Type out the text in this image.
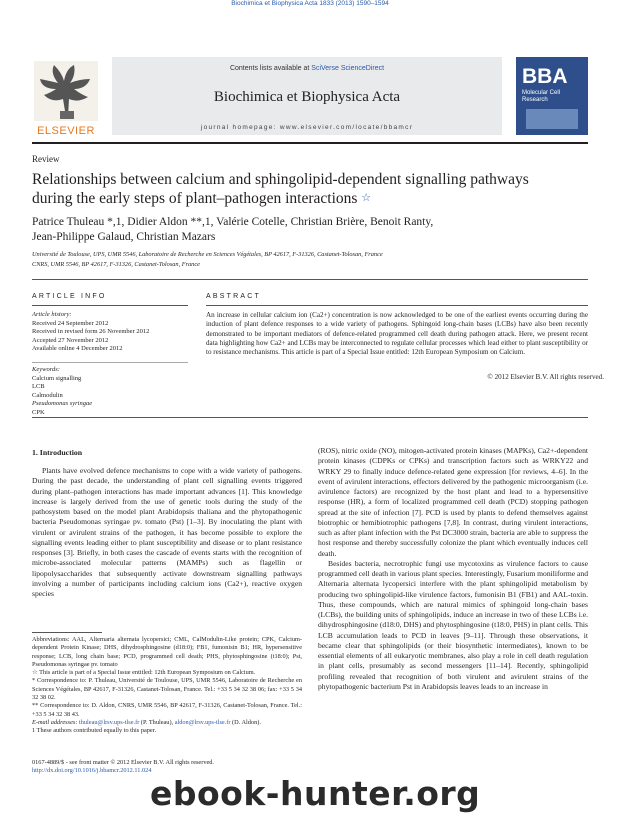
Biochimica et Biophysica Acta 1833 (2013) 1590–1594
ELSEVIER
Contents lists available at SciVerse ScienceDirect
Biochimica et Biophysica Acta
BBA
Molecular Cell Research
journal homepage: www.elsevier.com/locate/bbamcr
Review
Relationships between calcium and sphingolipid-dependent signalling pathways during the early steps of plant–pathogen interactions ☆
Patrice Thuleau *,1, Didier Aldon **,1, Valérie Cotelle, Christian Brière, Benoit Ranty,
Jean-Philippe Galaud, Christian Mazars
Université de Toulouse, UPS, UMR 5546, Laboratoire de Recherche en Sciences Végétales, BP 42617, F-31326, Castanet-Tolosan, France
CNRS, UMR 5546, BP 42617, F-31326, Castanet-Tolosan, France
ARTICLE INFO
Article history:
Received 24 September 2012
Received in revised form 26 November 2012
Accepted 27 November 2012
Available online 4 December 2012
Keywords:
Calcium signalling
LCB
Calmodulin
Pseudomonas syringae
CPK
ABSTRACT
An increase in cellular calcium ion (Ca2+) concentration is now acknowledged to be one of the earliest events occurring during the induction of plant defence responses to a wide variety of pathogens. Sphingoid long-chain bases (LCBs) have also been recently demonstrated to be important mediators of defence-related programmed cell death during pathogen attack. Here, we present recent data highlighting how Ca2+ and LCBs may be interconnected to regulate cellular processes which lead either to plant susceptibility or to resistance mechanisms. This article is part of a Special Issue entitled: 12th European Symposium on Calcium.
© 2012 Elsevier B.V. All rights reserved.
1. Introduction

Plants have evolved defence mechanisms to cope with a wide variety of pathogens. During the past decade, the understanding of plant cell signalling events triggered during plant–pathogen interactions has made important advances [1]. This knowledge increase is largely derived from the use of genetic tools during the study of the pathosystem based on the model plant Arabidopsis thaliana and the phytopathogenic bacteria Pseudomonas syringae pv. tomato (Pst) [1–3]. By inoculating the plant with virulent or avirulent strains of the pathogen, it has become possible to explore the signalling events leading either to plant susceptibility and disease or to plant resistance responses [3]. Briefly, in both cases the cascade of events starts with the recognition of microbe-associated molecular patterns (MAMPs) such as flagellin or lipopolysaccharides that subsequently activate downstream signalling pathways involving a number of participants including calcium ions (Ca2+), reactive oxygen species

Abbreviations: AAL, Alternaria alternata lycopersici; CML, CalModulin-Like protein; CPK, Calcium-dependent Protein Kinase; DHS, dihydrosphingosine (d18:0); FB1, fumonisin B1; HR, hypersensitive response; LCB, long chain base; PCD, programmed cell death; PHS, phytosphingosine (t18:0); Pst, Pseudomonas syringae pv. tomato

☆ This article is part of a Special Issue entitled: 12th European Symposium on Calcium.

* Correspondence to: P. Thuleau, Université de Toulouse, UPS, UMR 5546, Laboratoire de Recherche en Sciences Végétales, BP 42617, F-31326, Castanet-Tolosan, France. Tel.: +33 5 34 32 38 06; fax: +33 5 34 32 38 02.

** Correspondence to: D. Aldon, CNRS, UMR 5546, BP 42617, F-31326, Castanet-Tolosan, France. Tel.: +33 5 34 32 38 43.

E-mail addresses: thuleau@lrsv.ups-tlse.fr (P. Thuleau), aldon@lrsv.ups-tlse.fr (D. Aldon).

1 These authors contributed equally to this paper.

0167-4889/$ - see front matter © 2012 Elsevier B.V. All rights reserved.
http://dx.doi.org/10.1016/j.bbamcr.2012.11.024

(ROS), nitric oxide (NO), mitogen-activated protein kinases (MAPKs), Ca2+-dependent protein kinases (CDPKs or CPKs) and transcription factors such as WRKY22 and WRKY 29 to finally induce defence-related gene expression [for reviews, 4–6]. In the event of avirulent interactions, effectors delivered by the pathogenic microorganism (i.e. avirulence factors) are recognized by the host plant and lead to a hypersensitive response (HR), a form of localized programmed cell death (PCD) stopping pathogen spread at the site of infection [7]. PCD is used by plants to defend themselves against biotrophic or hemibiotrophic pathogens [7,8]. In contrast, during virulent interactions, such as after plant infection with the Pst DC3000 strain, bacteria are able to suppress the host response and thereby successfully colonize the plant which eventually induces cell death.

Besides bacteria, necrotrophic fungi use mycotoxins as virulence factors to cause programmed cell death in various plant species. Interestingly, Fusarium moniliforme and Alternaria alternata lycopersici interfere with the plant sphingolipid metabolism by producing two sphingolipid-like virulence factors, fumonisin B1 (FB1) and AAL-toxin. Thus, these compounds, which are natural mimics of sphingoid long-chain bases (LCBs), the building units of sphingolipids, induce an increase in two of these LCBs i.e. dihydrosphingosine (d18:0, DHS) and phytosphingosine (t18:0, PHS) in plant cells. This LCB accumulation leads to PCD in leaves [9–11]. Through these observations, it became clear that sphingolipids (or their biosynthetic intermediates), known to be essential elements of all eukaryotic membranes, also play a role in cell death regulation in plant cells, presumably as second messengers [11–14]. Recently, sphingolipid profiling revealed that recognition of both virulent and avirulent strains of the phytopathogenic bacterium Pst in Arabidopsis leaves leads to an increase in

ebook-hunter.org
